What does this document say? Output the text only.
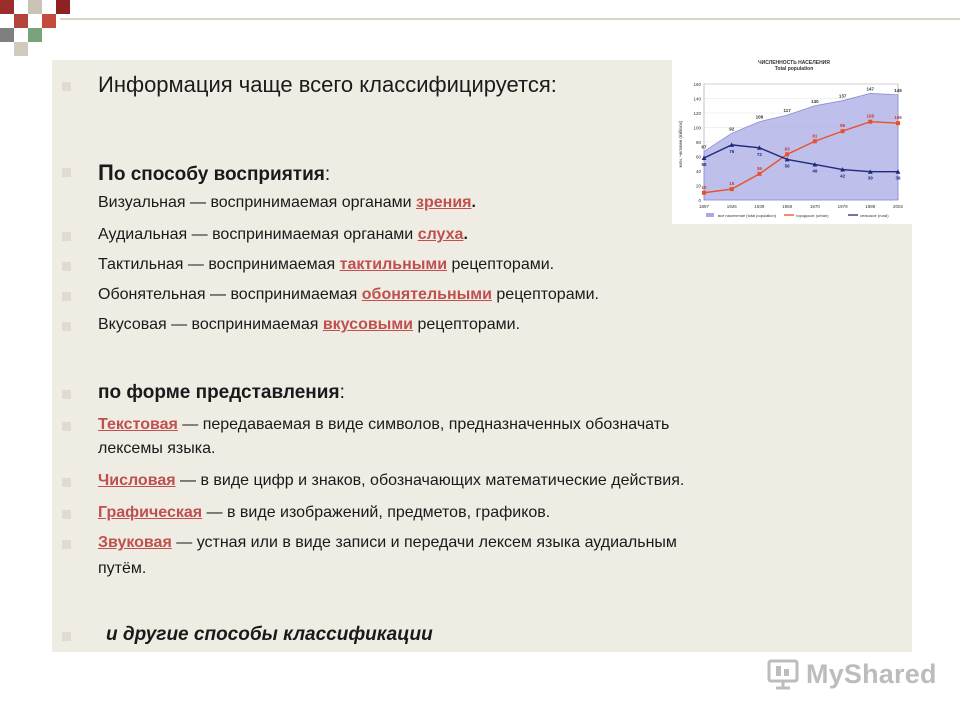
Информация чаще всего классифицируется:
По способу восприятия:
Визуальная — воспринимаемая органами зрения.
Аудиальная — воспринимаемая органами слуха.
Тактильная — воспринимаемая тактильными рецепторами.
Обонятельная — воспринимаемая обонятельными рецепторами.
Вкусовая — воспринимаемая вкусовыми рецепторами.
по форме представления:
Текстовая — передаваемая в виде символов, предназначенных обозначать
лексемы языка.
Числовая — в виде цифр и знаков, обозначающих математические действия.
Графическая — в виде изображений, предметов, графиков.
Звуковая — устная или в виде записи и передачи лексем языка аудиальным
путём.
и другие способы классификации
ЧИСЛЕННОСТЬ НАСЕЛЕНИЯ
Total population
млн. человек (millions)
0
20
40
60
80
100
120
140
160
1897	1926	1939	1959	1970	1979	1989	2002
67
92
108
117
130
137
147	145
10
15
36
63
81
95
108	106
58
76
72
56
49
42	39	39
все население (total population)	городское (urban)	сельское (rural)
MyShared
